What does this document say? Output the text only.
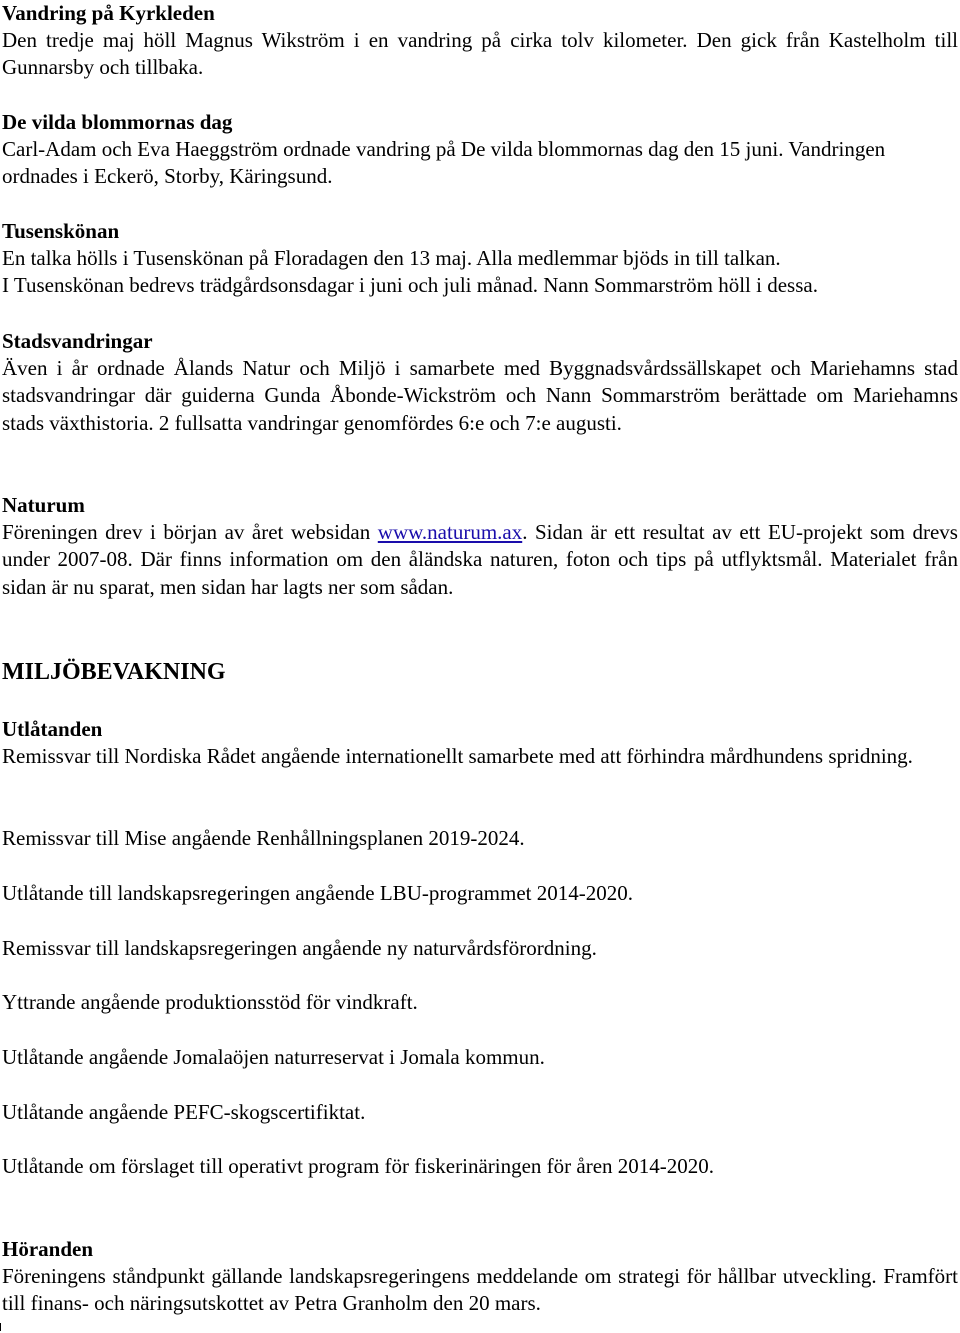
Vandring på Kyrkleden

Den tredje maj höll Magnus Wikström i en vandring på cirka tolv kilometer. Den gick från Kastelholm till Gunnarsby och tillbaka.

De vilda blommornas dag

Carl-Adam och Eva Haeggström ordnade vandring på De vilda blommornas dag den 15 juni. Vandringen ordnades i Eckerö, Storby, Käringsund.

Tusenskönan

En talka hölls i Tusenskönan på Floradagen den 13 maj. Alla medlemmar bjöds in till talkan.

I Tusenskönan bedrevs trädgårdsonsdagar i juni och juli månad. Nann Sommarström höll i dessa.

Stadsvandringar

Även i år ordnade Ålands Natur och Miljö i samarbete med Byggnadsvårdssällskapet och Mariehamns stad stadsvandringar där guiderna Gunda Åbonde-Wickström och Nann Sommarström berättade om Mariehamns stads växthistoria. 2 fullsatta vandringar genomfördes 6:e och 7:e augusti.

Naturum

Föreningen drev i början av året websidan www.naturum.ax. Sidan är ett resultat av ett EU-projekt som drevs under 2007-08. Där finns information om den åländska naturen, foton och tips på utflyktsmål. Materialet från sidan är nu sparat, men sidan har lagts ner som sådan.

MILJÖBEVAKNING

Utlåtanden

Remissvar till Nordiska Rådet angående internationellt samarbete med att förhindra mårdhundens spridning.

Remissvar till Mise angående Renhållningsplanen 2019-2024.

Utlåtande till landskapsregeringen angående LBU-programmet 2014-2020.

Remissvar till landskapsregeringen angående ny naturvårdsförordning.

Yttrande angående produktionsstöd för vindkraft.

Utlåtande angående Jomalaöjen naturreservat i Jomala kommun.

Utlåtande angående PEFC-skogscertifiktat.

Utlåtande om förslaget till operativt program för fiskerinäringen för åren 2014-2020.

Höranden

Föreningens ståndpunkt gällande landskapsregeringens meddelande om strategi för hållbar utveckling. Framfört till finans- och näringsutskottet av Petra Granholm den 20 mars.
